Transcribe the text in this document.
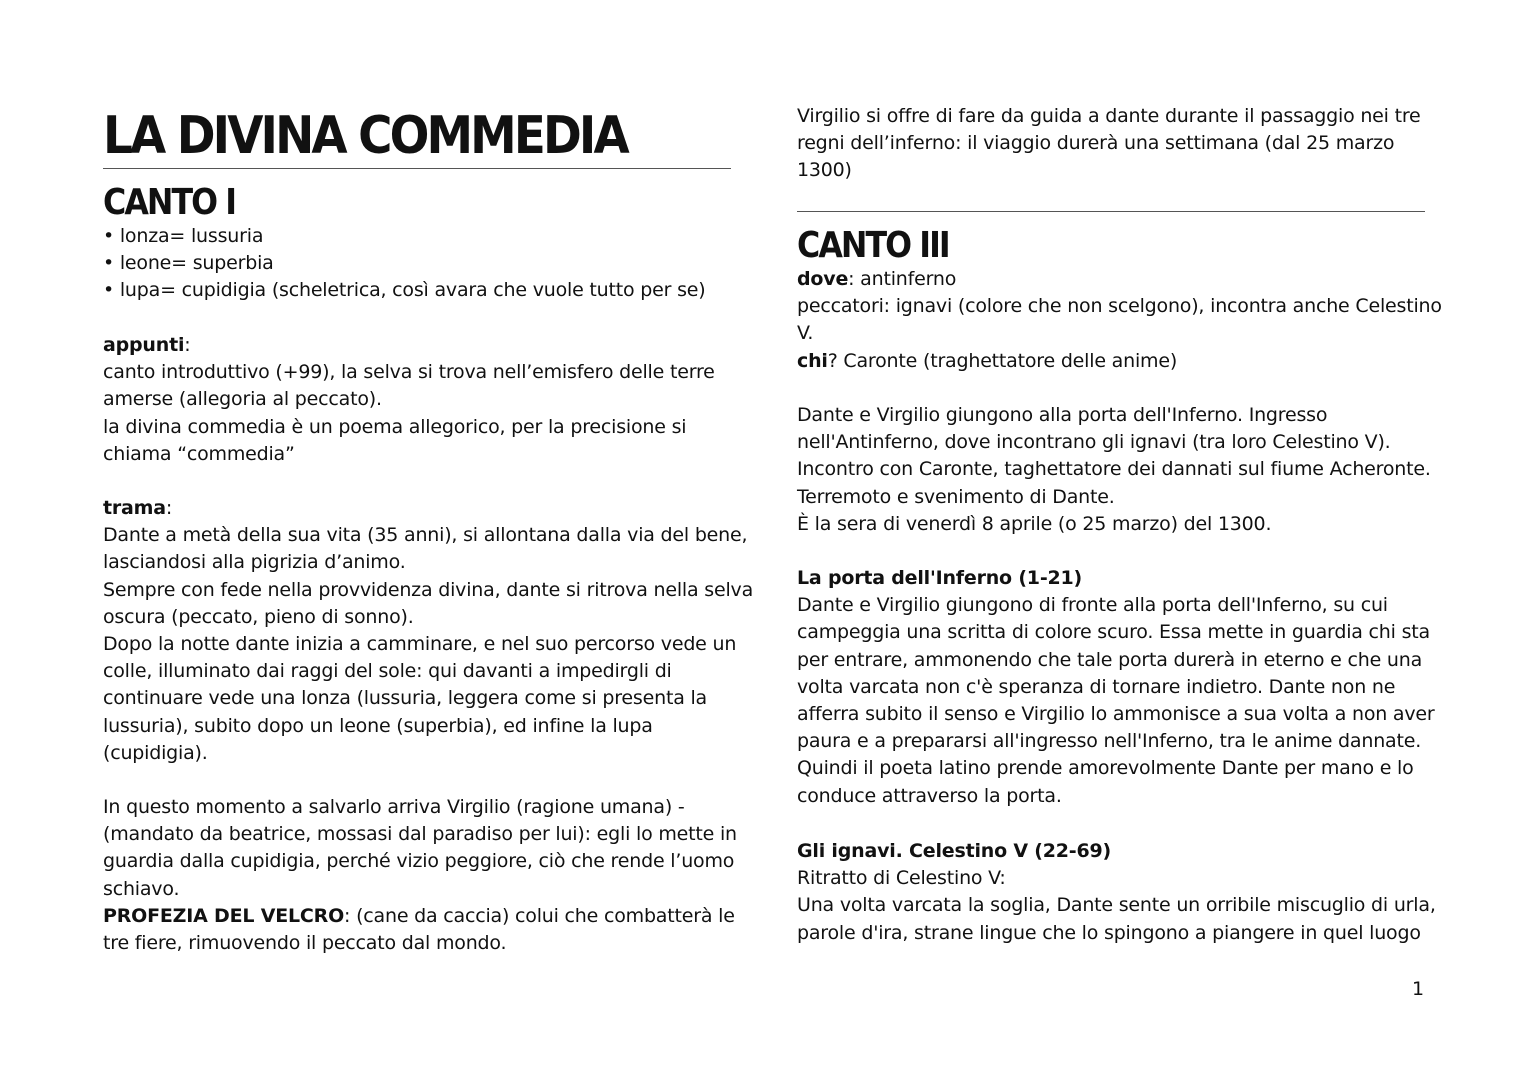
LA DIVINA COMMEDIA
CANTO I

• lonza= lussuria

• leone= superbia

• lupa= cupidigia (scheletrica, così avara che vuole tutto per se)

appunti:

canto introduttivo (+99), la selva si trova nell’emisfero delle terre

amerse (allegoria al peccato).

la divina commedia è un poema allegorico, per la precisione si

chiama “commedia”

trama:

Dante a metà della sua vita (35 anni), si allontana dalla via del bene,

lasciandosi alla pigrizia d’animo.

Sempre con fede nella provvidenza divina, dante si ritrova nella selva

oscura (peccato, pieno di sonno).

Dopo la notte dante inizia a camminare, e nel suo percorso vede un

colle, illuminato dai raggi del sole: qui davanti a impedirgli di

continuare vede una lonza (lussuria, leggera come si presenta la

lussuria), subito dopo un leone (superbia), ed infine la lupa

(cupidigia).

In questo momento a salvarlo arriva Virgilio (ragione umana) -

(mandato da beatrice, mossasi dal paradiso per lui): egli lo mette in

guardia dalla cupidigia, perché vizio peggiore, ciò che rende l’uomo

schiavo.

PROFEZIA DEL VELCRO: (cane da caccia) colui che combatterà le

tre fiere, rimuovendo il peccato dal mondo.

Virgilio si offre di fare da guida a dante durante il passaggio nei tre

regni dell’inferno: il viaggio durerà una settimana (dal 25 marzo

1300)

CANTO III

dove: antinferno

peccatori: ignavi (colore che non scelgono), incontra anche Celestino

V.

chi? Caronte (traghettatore delle anime)

Dante e Virgilio giungono alla porta dell'Inferno. Ingresso

nell'Antinferno, dove incontrano gli ignavi (tra loro Celestino V).

Incontro con Caronte, taghettatore dei dannati sul fiume Acheronte.

Terremoto e svenimento di Dante.

È la sera di venerdì 8 aprile (o 25 marzo) del 1300.

La porta dell'Inferno (1-21)

Dante e Virgilio giungono di fronte alla porta dell'Inferno, su cui

campeggia una scritta di colore scuro. Essa mette in guardia chi sta

per entrare, ammonendo che tale porta durerà in eterno e che una

volta varcata non c'è speranza di tornare indietro. Dante non ne

afferra subito il senso e Virgilio lo ammonisce a sua volta a non aver

paura e a prepararsi all'ingresso nell'Inferno, tra le anime dannate.

Quindi il poeta latino prende amorevolmente Dante per mano e lo

conduce attraverso la porta.

Gli ignavi. Celestino V (22-69)

Ritratto di Celestino V:

Una volta varcata la soglia, Dante sente un orribile miscuglio di urla,

parole d'ira, strane lingue che lo spingono a piangere in quel luogo

1
